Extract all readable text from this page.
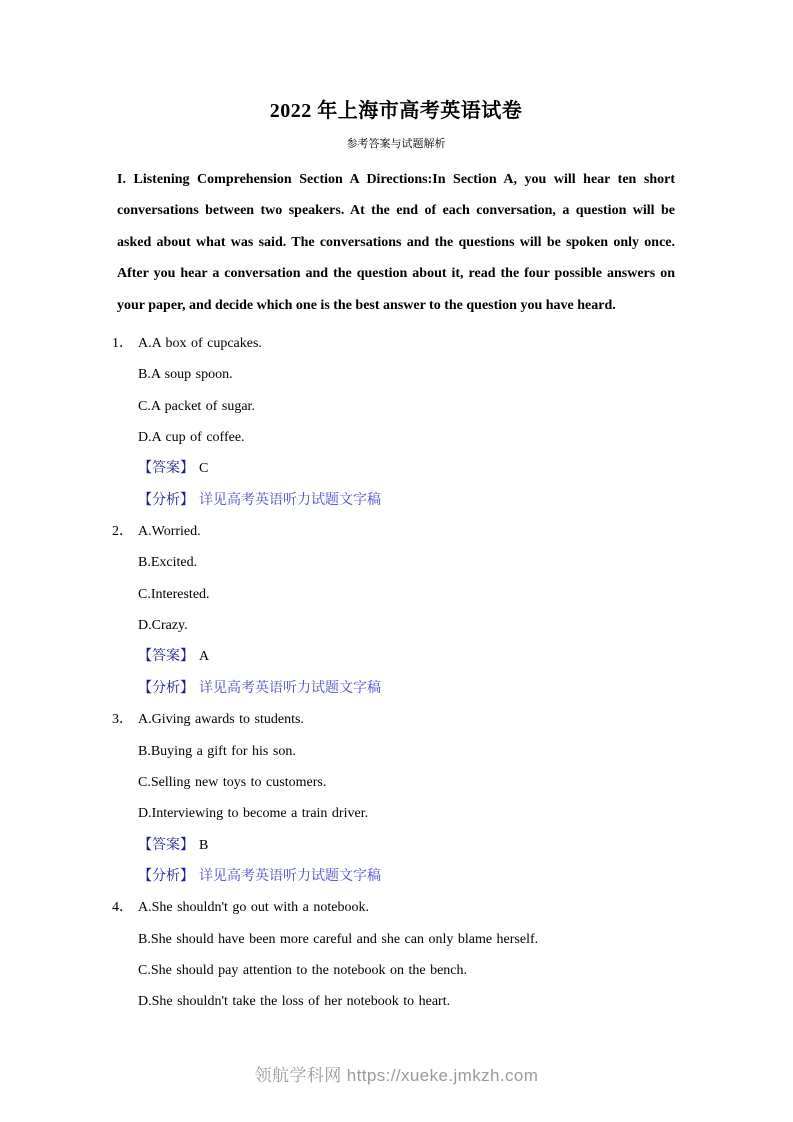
2022 年上海市高考英语试卷
参考答案与试题解析
I. Listening Comprehension Section A Directions:In Section A, you will hear ten short
conversations between two speakers. At the end of each conversation, a question will be
asked about what was said. The conversations and the questions will be spoken only once.
After you hear a conversation and the question about it, read the four possible answers on
your paper, and decide which one is the best answer to the question you have heard.
1． A.A box of cupcakes.
B.A soup spoon.
C.A packet of sugar.
D.A cup of coffee.
【答案】 C
【分析】 详见高考英语听力试题文字稿
2． A.Worried.
B.Excited.
C.Interested.
D.Crazy.
【答案】 A
【分析】 详见高考英语听力试题文字稿
3． A.Giving awards to students.
B.Buying a gift for his son.
C.Selling new toys to customers.
D.Interviewing to become a train driver.
【答案】 B
【分析】 详见高考英语听力试题文字稿
4． A.She shouldn't go out with a notebook.
B.She should have been more careful and she can only blame herself.
C.She should pay attention to the notebook on the bench.
D.She shouldn't take the loss of her notebook to heart.
领航学科网 https://xueke.jmkzh.com
